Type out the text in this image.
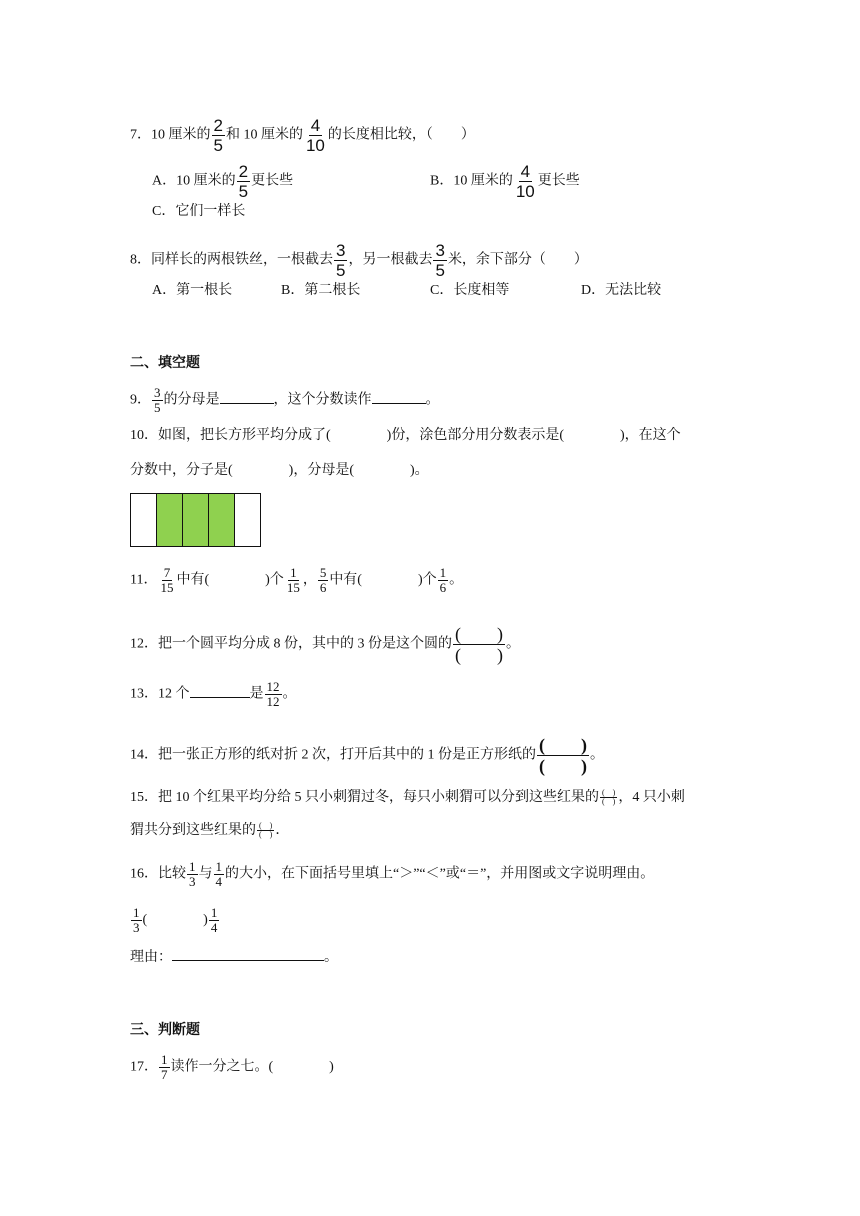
7．10 厘米的 $\frac{2}{5}$ 和 10 厘米的 $\frac{4}{10}$ 的长度相比较，（　　）
A．10 厘米的 $\frac{2}{5}$ 更长些	B．10 厘米的 $\frac{4}{10}$ 更长些
C．它们一样长
8．同样长的两根铁丝，一根截去 $\frac{3}{5}$ ，另一根截去 $\frac{3}{5}$ 米，余下部分（　　）
A．第一根长	B．第二根长	C．长度相等	D．无法比较
二、填空题
9． $\frac{3}{5}$ 的分母是	，这个分数读作	。
10．如图，把长方形平均分成了(　　　　)份，涂色部分用分数表示是(　　　　)，在这个
分数中，分子是(　　　　)，分母是(　　　　)。
11． $\frac{7}{15}$ 中有(　　　　)个 $\frac{1}{15}$ ， $\frac{5}{6}$ 中有(　　　　)个 $\frac{1}{6}$ 。
12．把一个圆平均分成 8 份，其中的 3 份是这个圆的 $\frac{( )}{( )}$ 。
13．12 个	是 $\frac{12}{12}$ 。
14．把一张正方形的纸对折 2 次，打开后其中的 1 份是正方形纸的 $\frac{( )}{( )}$ 。
15．把 10 个红果平均分给 5 只小刺猬过冬，每只小刺猬可以分到这些红果的 $\frac{( )}{( )}$ ，4 只小刺
猬共分到这些红果的 $\frac{( )}{( )}$ ．
16．比较 $\frac{1}{3}$ 与 $\frac{1}{4}$ 的大小，在下面括号里填上“＞”“＜”或“＝”，并用图或文字说明理由。
$\frac{1}{3}$ (　　　　) $\frac{1}{4}$
理由：	。
三、判断题
17． $\frac{1}{7}$ 读作一分之七。(　　　　)
